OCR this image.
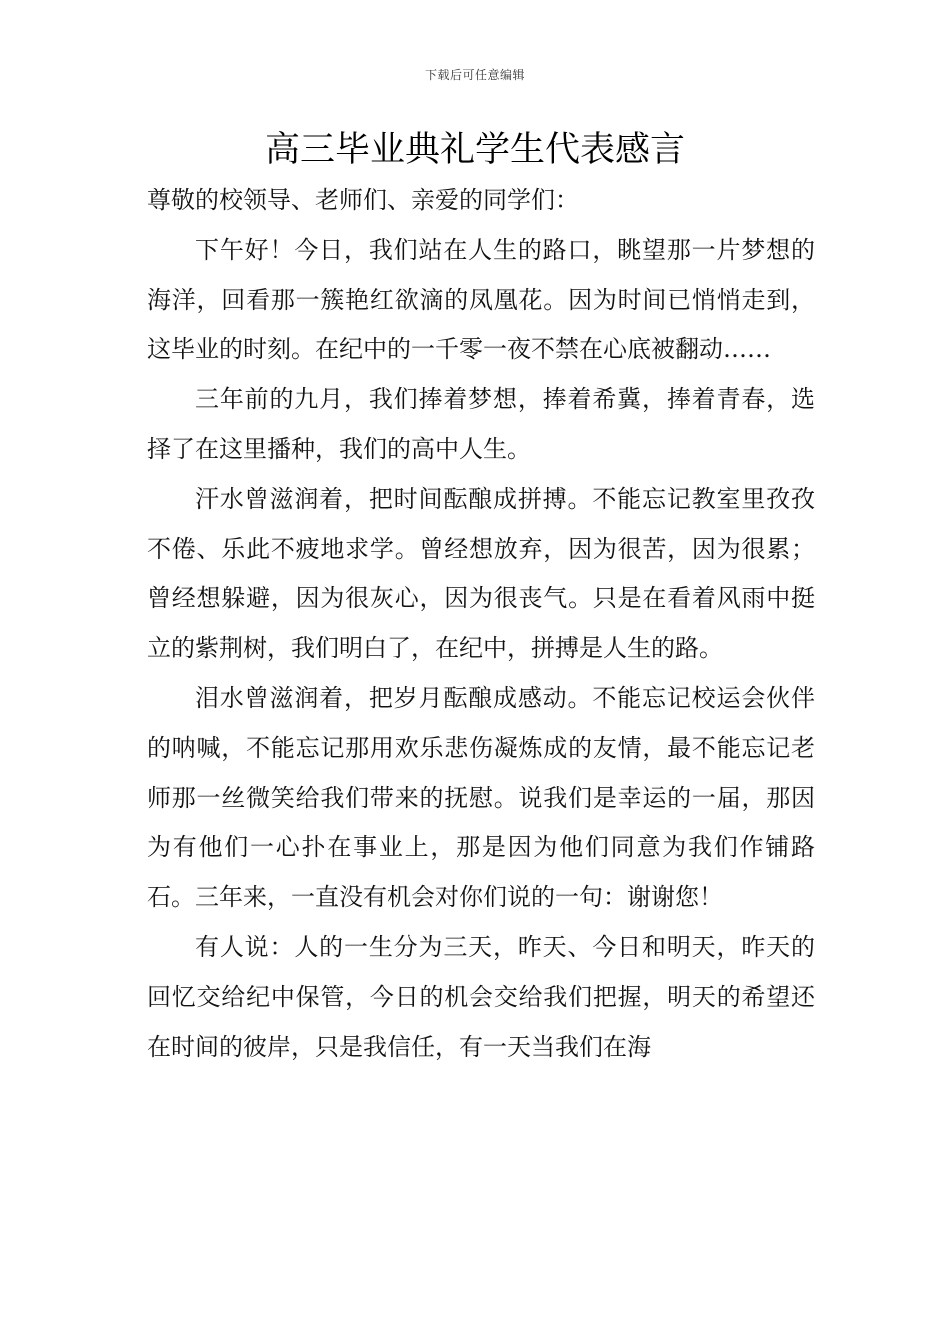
下载后可任意编辑
高三毕业典礼学生代表感言

尊敬的校领导、老师们、亲爱的同学们：

下午好！今日，我们站在人生的路口，眺望那一片梦想的海洋，回看那一簇艳红欲滴的凤凰花。因为时间已悄悄走到，这毕业的时刻。在纪中的一千零一夜不禁在心底被翻动……

三年前的九月，我们捧着梦想，捧着希冀，捧着青春，选择了在这里播种，我们的高中人生。

汗水曾滋润着，把时间酝酿成拼搏。不能忘记教室里孜孜不倦、乐此不疲地求学。曾经想放弃，因为很苦，因为很累；曾经想躲避，因为很灰心，因为很丧气。只是在看着风雨中挺立的紫荆树，我们明白了，在纪中，拼搏是人生的路。

泪水曾滋润着，把岁月酝酿成感动。不能忘记校运会伙伴的呐喊，不能忘记那用欢乐悲伤凝炼成的友情，最不能忘记老师那一丝微笑给我们带来的抚慰。说我们是幸运的一届，那因为有他们一心扑在事业上，那是因为他们同意为我们作铺路石。三年来，一直没有机会对你们说的一句：谢谢您！

有人说：人的一生分为三天，昨天、今日和明天，昨天的回忆交给纪中保管，今日的机会交给我们把握，明天的希望还在时间的彼岸，只是我信任，有一天当我们在海
